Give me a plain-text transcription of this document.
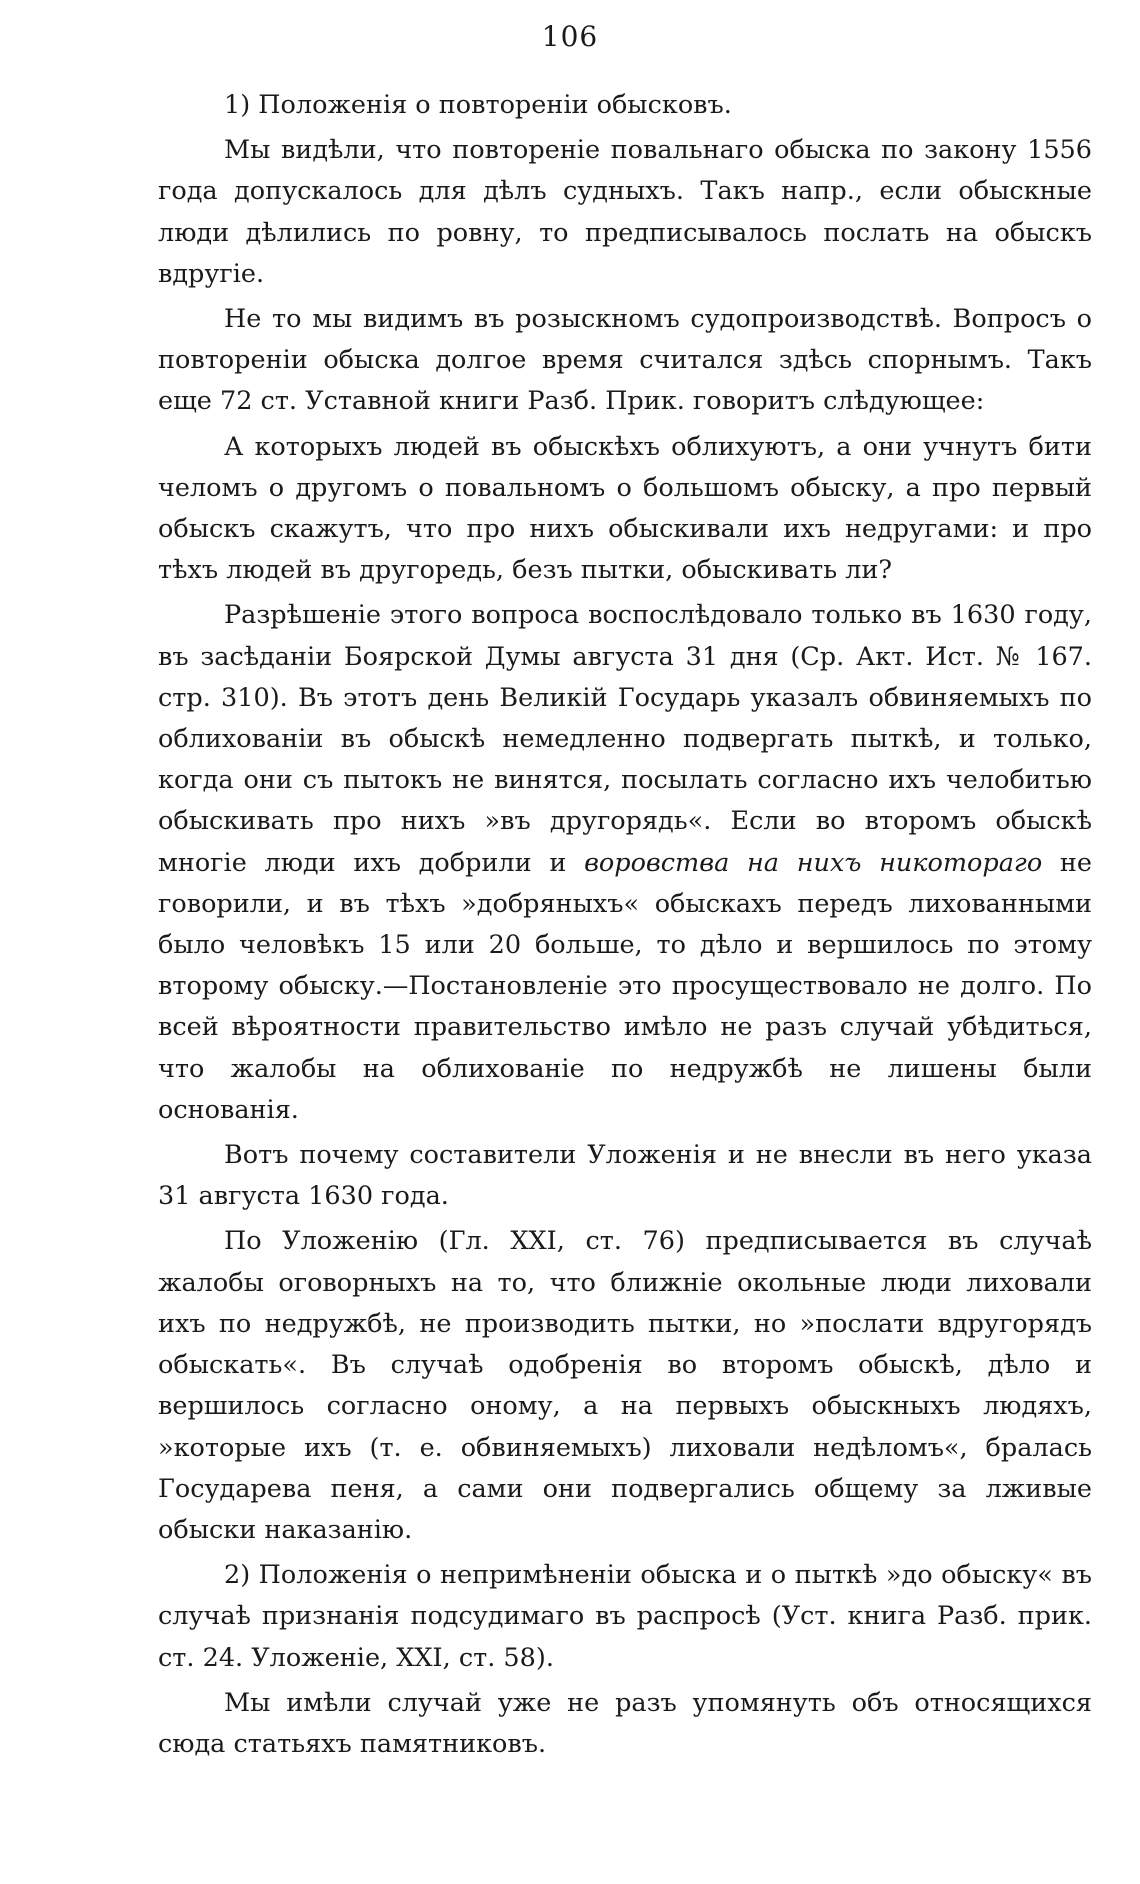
106

1) Положенія о повтореніи обысковъ.

Мы видѣли, что повтореніе повальнаго обыска по закону 1556 года допускалось для дѣлъ судныхъ. Такъ напр., если обыскные люди дѣлились по ровну, то предписывалось послать на обыскъ вдругіе.

Не то мы видимъ въ розыскномъ судопроизводствѣ. Вопросъ о повтореніи обыска долгое время считался здѣсь спорнымъ. Такъ еще 72 ст. Уставной книги Разб. Прик. говоритъ слѣдующее:

А которыхъ людей въ обыскѣхъ облихуютъ, а они учнутъ бити челомъ о другомъ о повальномъ о большомъ обыску, а про первый обыскъ скажутъ, что про нихъ обыскивали ихъ недругами: и про тѣхъ людей въ другоредь, безъ пытки, обыскивать ли?

Разрѣшеніе этого вопроса воспослѣдовало только въ 1630 году, въ засѣданіи Боярской Думы августа 31 дня (Ср. Акт. Ист. № 167. стр. 310). Въ этотъ день Великій Государь указалъ обвиняемыхъ по облихованіи въ обыскѣ немедленно подвергать пыткѣ, и только, когда они съ пытокъ не винятся, посылать согласно ихъ челобитью обыскивать про нихъ »въ другорядь«. Если во второмъ обыскѣ многіе люди ихъ добрили и воровства на нихъ никотораго не говорили, и въ тѣхъ »добряныхъ« обыскахъ передъ лихованными было человѣкъ 15 или 20 больше, то дѣло и вершилось по этому второму обыску.—Постановленіе это просуществовало не долго. По всей вѣроятности правительство имѣло не разъ случай убѣдиться, что жалобы на облихованіе по недружбѣ не лишены были основанія.

Вотъ почему составители Уложенія и не внесли въ него указа 31 августа 1630 года.

По Уложенію (Гл. XXI, ст. 76) предписывается въ случаѣ жалобы оговорныхъ на то, что ближніе окольные люди лиховали ихъ по недружбѣ, не производить пытки, но »послати вдругорядъ обыскать«. Въ случаѣ одобренія во второмъ обыскѣ, дѣло и вершилось согласно оному, а на первыхъ обыскныхъ людяхъ, »которые ихъ (т. е. обвиняемыхъ) лиховали недѣломъ«, бралась Государева пеня, а сами они подвергались общему за лживые обыски наказанію.

2) Положенія о непримѣненіи обыска и о пыткѣ »до обыску« въ случаѣ признанія подсудимаго въ распросѣ (Уст. книга Разб. прик. ст. 24. Уложеніе, XXI, ст. 58).

Мы имѣли случай уже не разъ упомянуть объ относящихся сюда статьяхъ памятниковъ.
